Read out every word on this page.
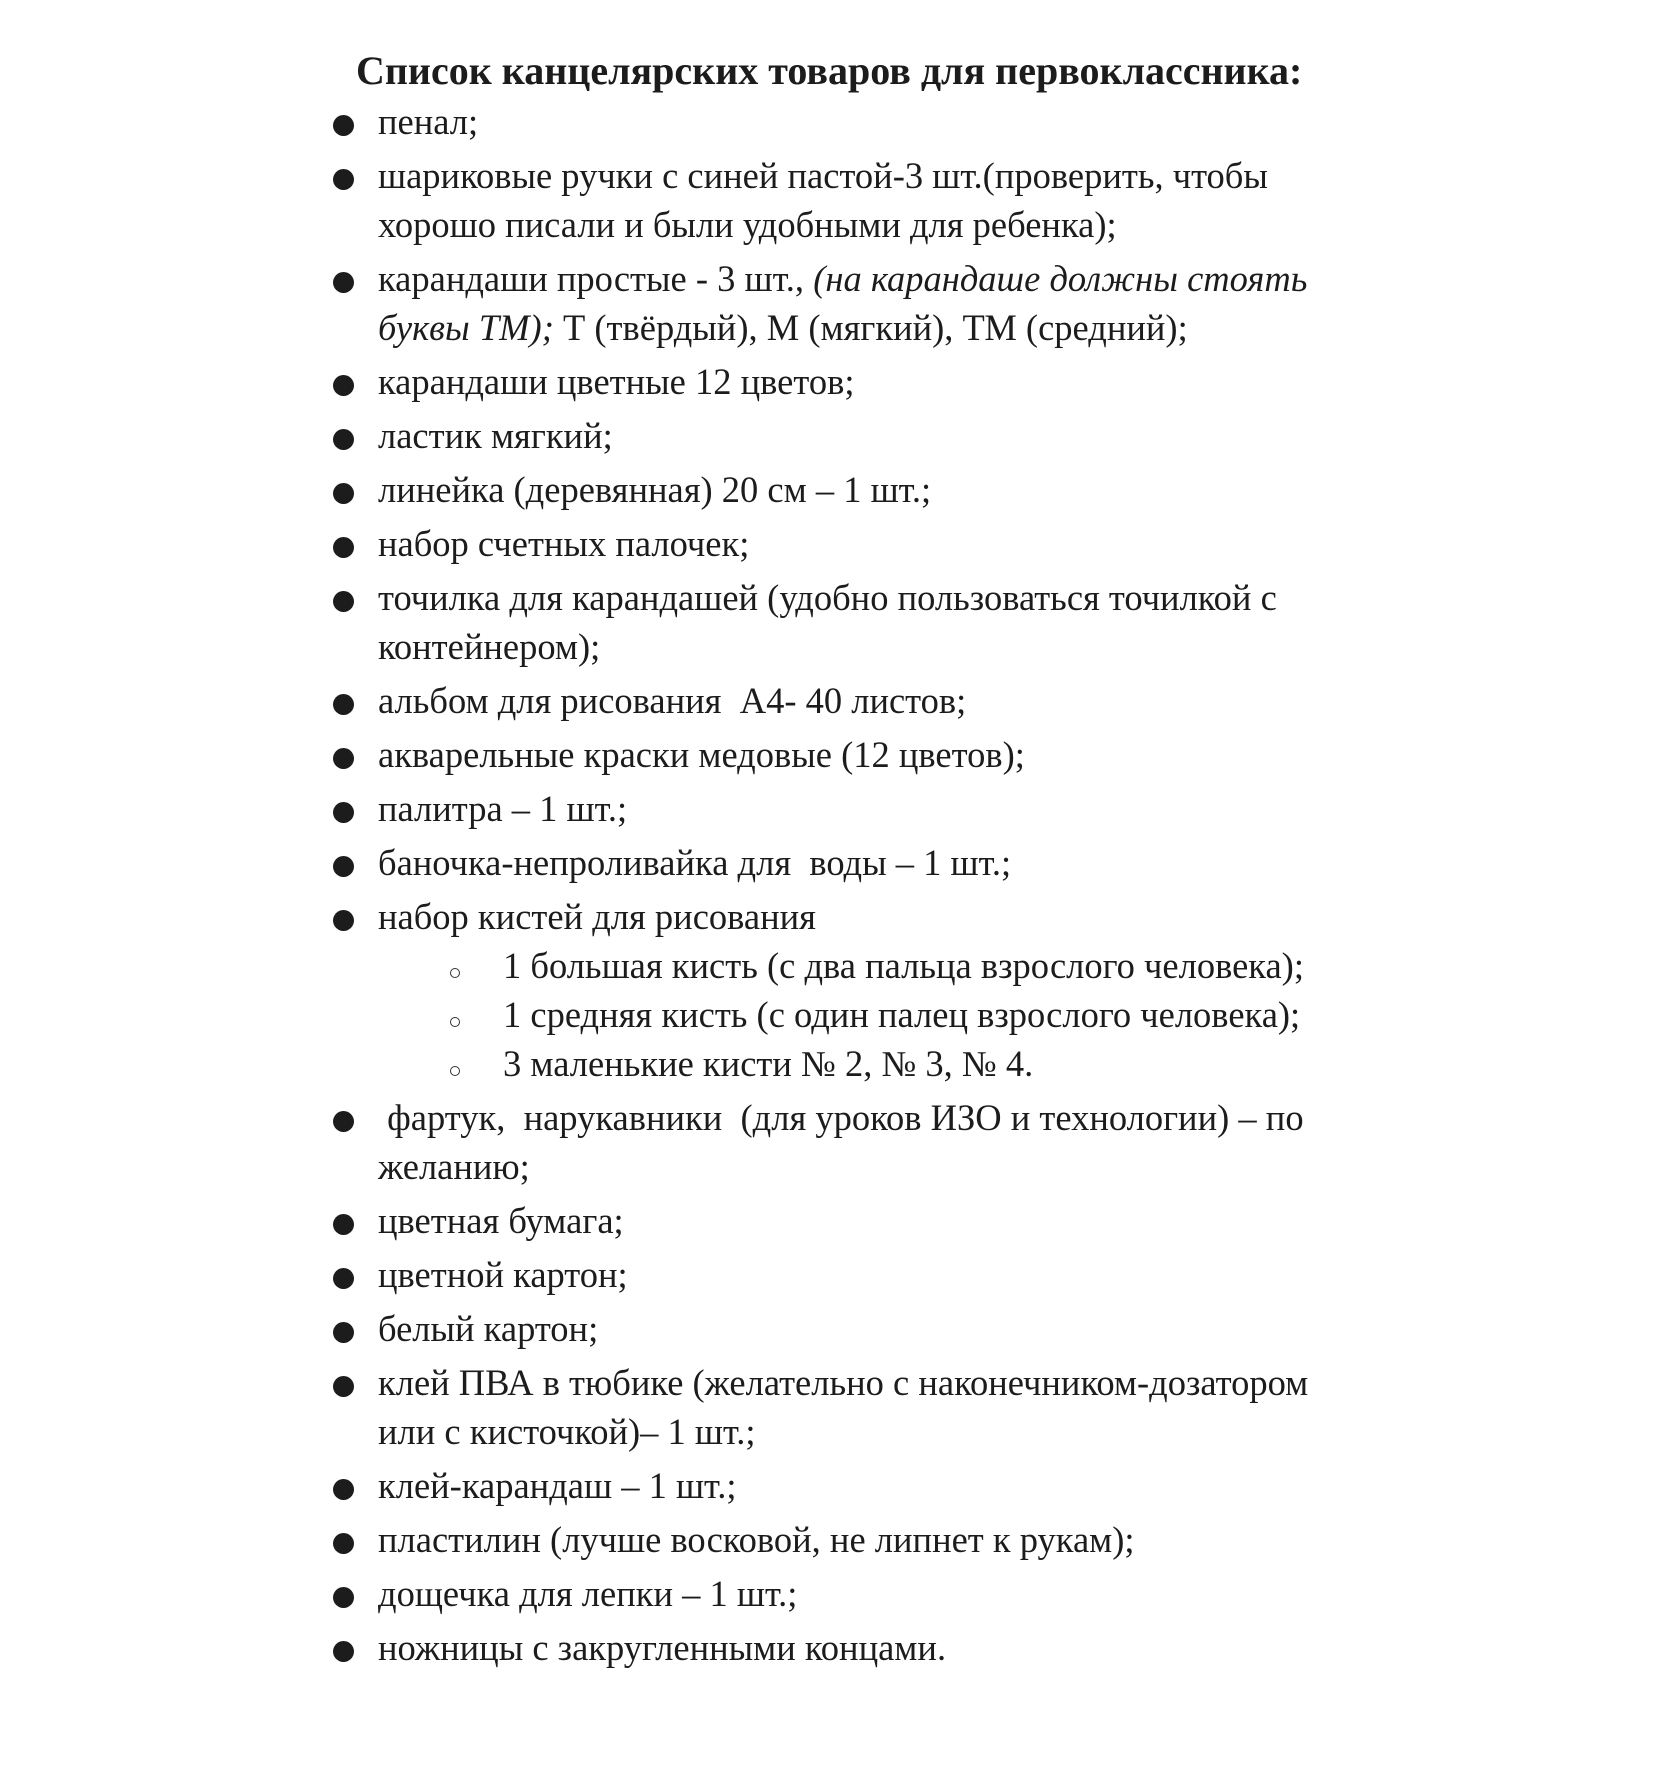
Список канцелярских товаров для первоклассника:
пенал;
шариковые ручки с синей пастой-3 шт.(проверить, чтобы
хорошо писали и были удобными для ребенка);
карандаши простые - 3 шт., (на карандаше должны стоять
буквы ТМ); Т (твёрдый), М (мягкий), ТМ (средний);
карандаши цветные 12 цветов;
ластик мягкий;
линейка (деревянная) 20 см – 1 шт.;
набор счетных палочек;
точилка для карандашей (удобно пользоваться точилкой с
контейнером);
альбом для рисования  А4- 40 листов;
акварельные краски медовые (12 цветов);
палитра – 1 шт.;
баночка-непроливайка для  воды – 1 шт.;
набор кистей для рисования
1 большая кисть (с два пальца взрослого человека);
1 средняя кисть (с один палец взрослого человека);
3 маленькие кисти № 2, № 3, № 4.
фартук,  нарукавники  (для уроков ИЗО и технологии) – по
желанию;
цветная бумага;
цветной картон;
белый картон;
клей ПВА в тюбике (желательно с наконечником-дозатором
или с кисточкой)– 1 шт.;
клей-карандаш – 1 шт.;
пластилин (лучше восковой, не липнет к рукам);
дощечка для лепки – 1 шт.;
ножницы с закругленными концами.
